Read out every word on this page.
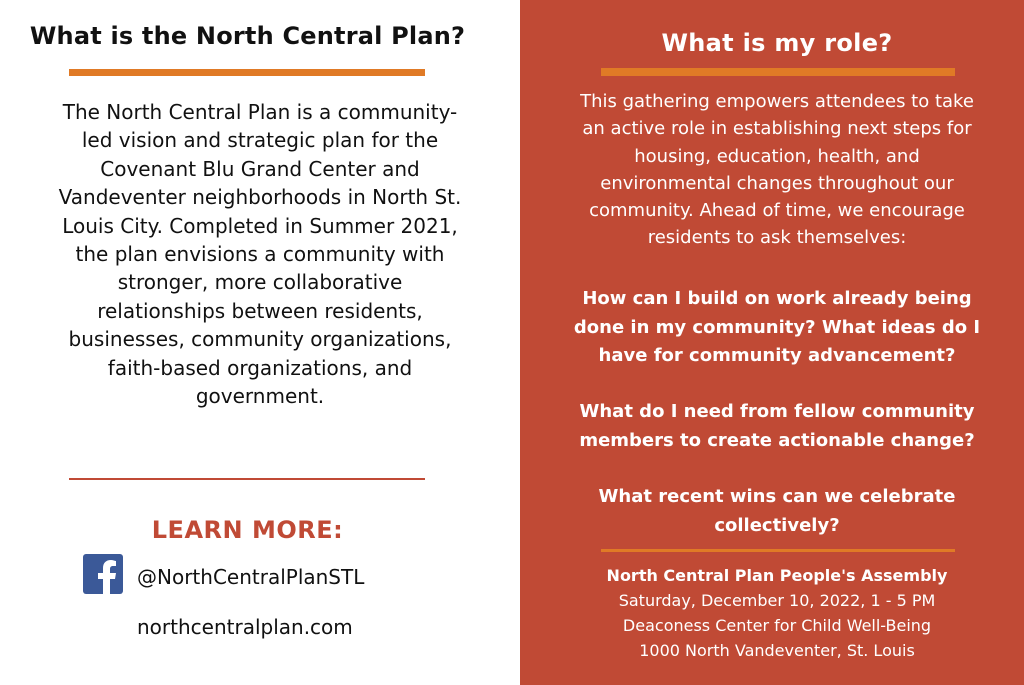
What is the North Central Plan?
The North Central Plan is a community-
led vision and strategic plan for the
Covenant Blu Grand Center and
Vandeventer neighborhoods in North St.
Louis City. Completed in Summer 2021,
the plan envisions a community with
stronger, more collaborative
relationships between residents,
businesses, community organizations,
faith-based organizations, and
government.
LEARN MORE:
@NorthCentralPlanSTL
northcentralplan.com
What is my role?
This gathering empowers attendees to take
an active role in establishing next steps for
housing, education, health, and
environmental changes throughout our
community. Ahead of time, we encourage
residents to ask themselves:
How can I build on work already being
done in my community? What ideas do I
have for community advancement?
What do I need from fellow community
members to create actionable change?
What recent wins can we celebrate
collectively?
North Central Plan People's Assembly
Saturday, December 10, 2022, 1 - 5 PM
Deaconess Center for Child Well-Being
1000 North Vandeventer, St. Louis
